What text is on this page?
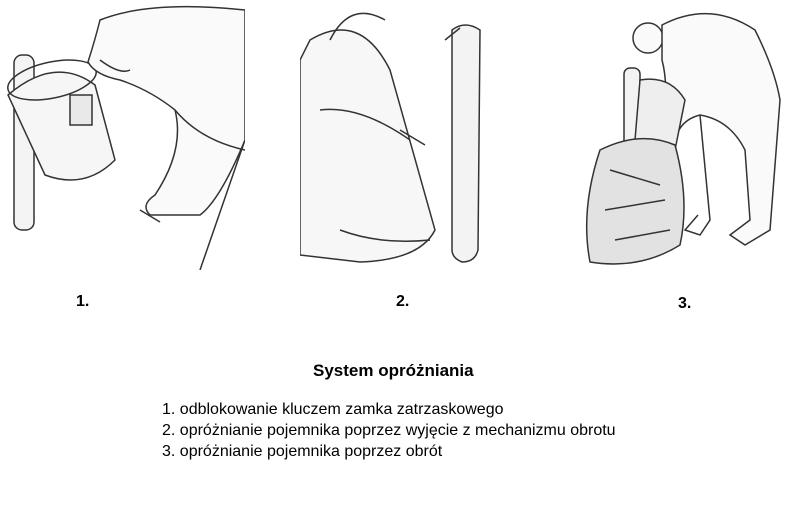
1.	2.	3.
System opróżniania
1. odblokowanie kluczem zamka zatrzaskowego
2. opróżnianie pojemnika poprzez wyjęcie z mechanizmu obrotu
3. opróżnianie pojemnika poprzez obrót
